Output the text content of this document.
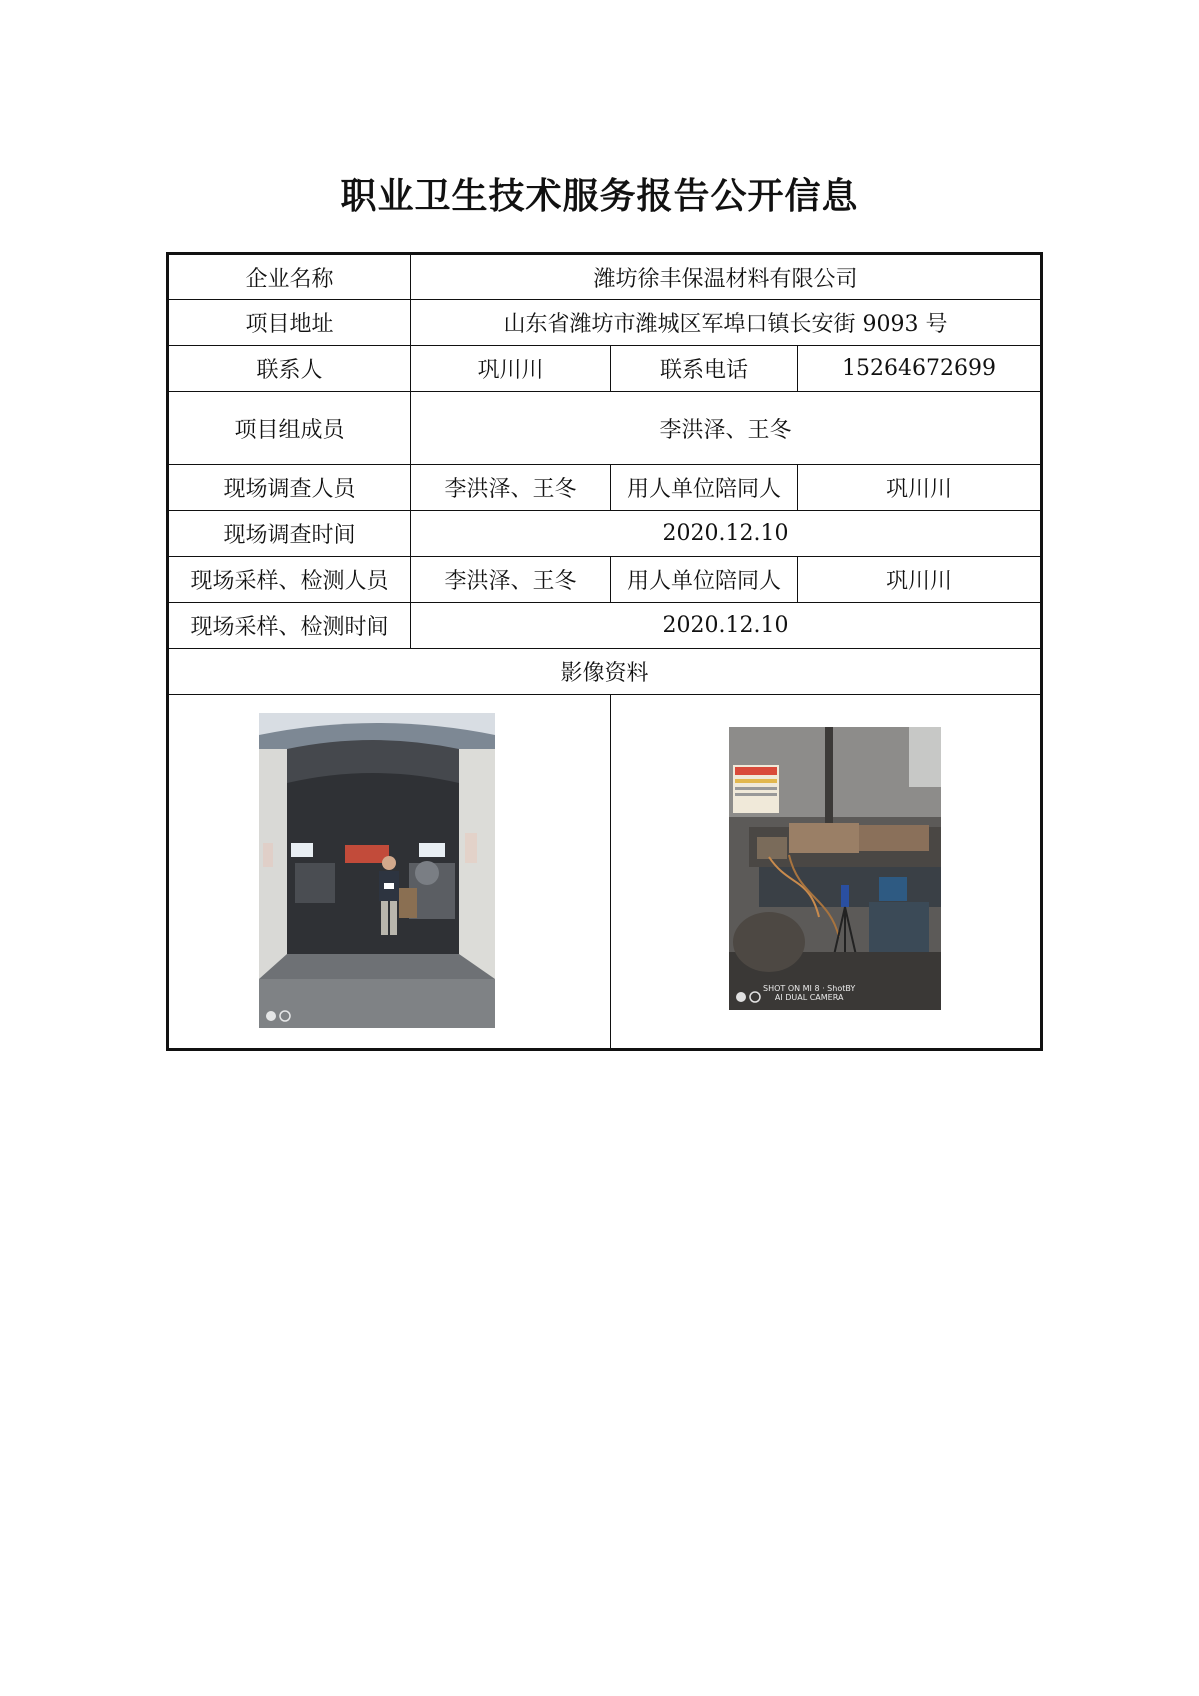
职业卫生技术服务报告公开信息
企业名称	潍坊徐丰保温材料有限公司		
项目地址	山东省潍坊市潍城区军埠口镇长安街 9093 号		
联系人	巩川川	联系电话	15264672699
项目组成员	李洪泽、王冬		
现场调查人员	李洪泽、王冬	用人单位陪同人	巩川川
现场调查时间	2020.12.10		
现场采样、检测人员	李洪泽、王冬	用人单位陪同人	巩川川
现场采样、检测时间	2020.12.10		
影像资料			

SHOT ON MI 8 · ShotBY
AI DUAL CAMERA	
